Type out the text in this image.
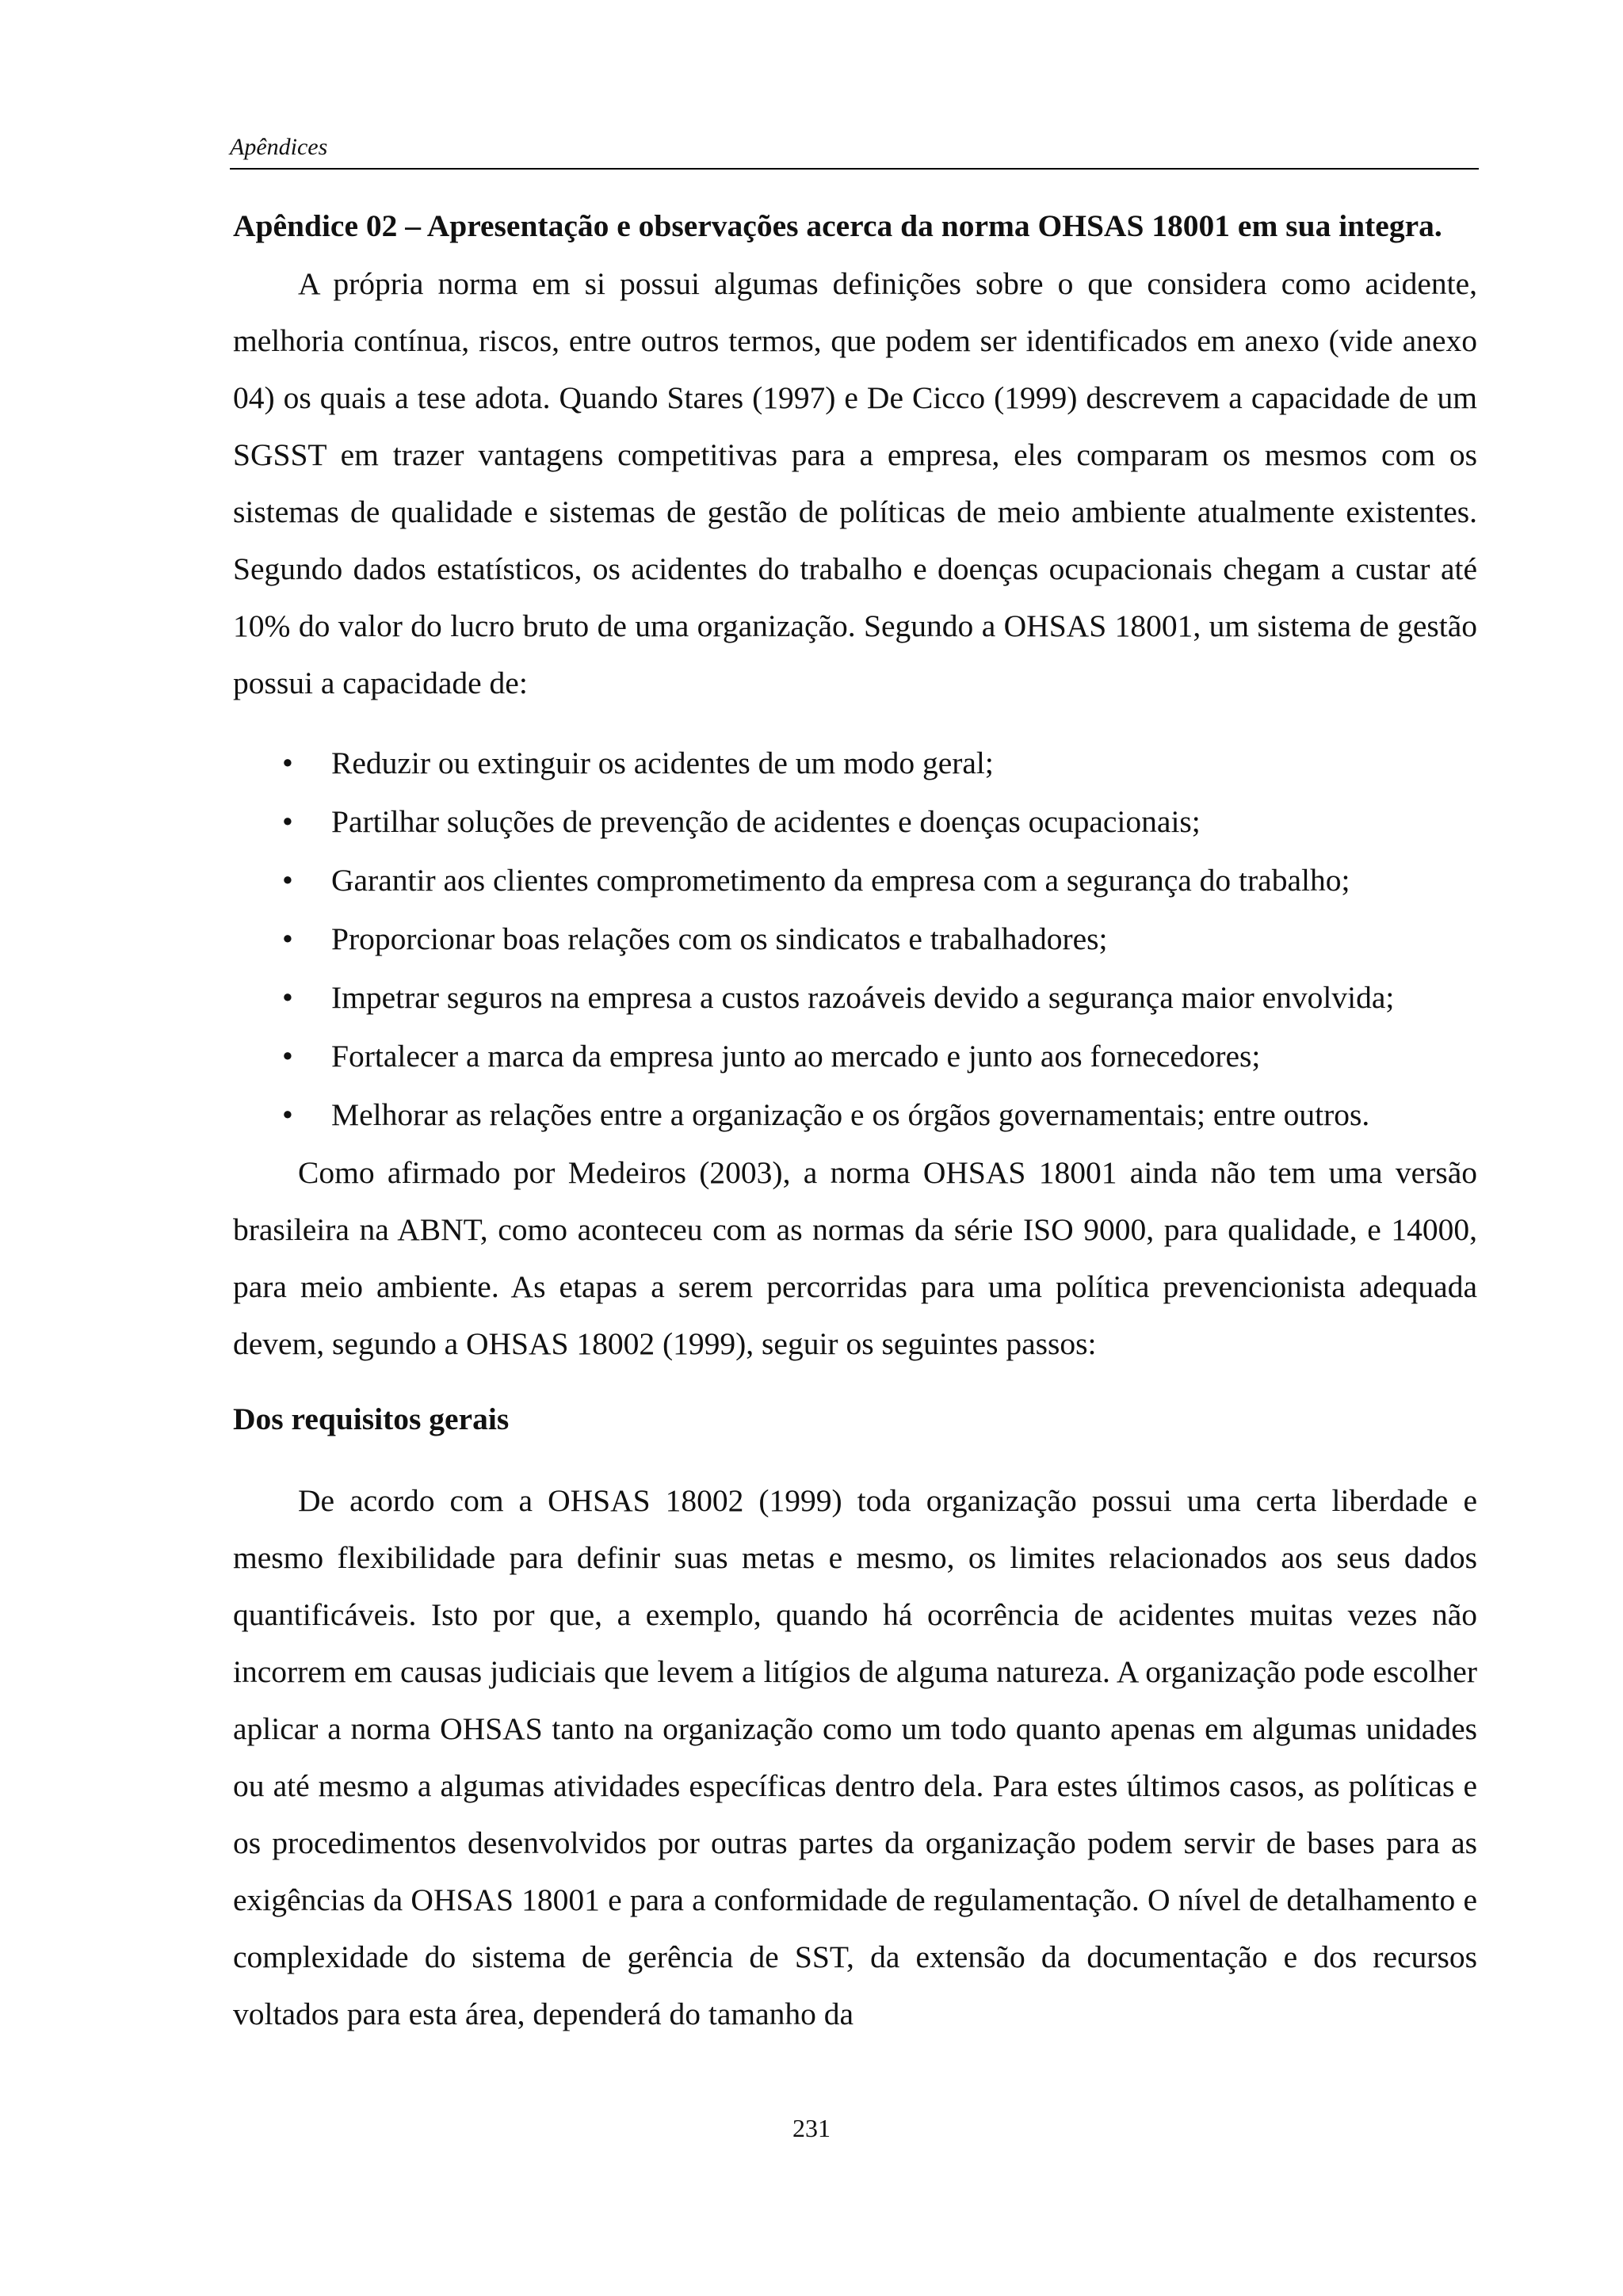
Apêndices

Apêndice 02 – Apresentação e observações acerca da norma OHSAS 18001 em sua integra.

A própria norma em si possui algumas definições sobre o que considera como acidente, melhoria contínua, riscos, entre outros termos, que podem ser identificados em anexo (vide anexo 04) os quais a tese adota. Quando Stares (1997) e De Cicco (1999) descrevem a capacidade de um SGSST em trazer vantagens competitivas para a empresa, eles comparam os mesmos com os sistemas de qualidade e sistemas de gestão de políticas de meio ambiente atualmente existentes. Segundo dados estatísticos, os acidentes do trabalho e doenças ocupacionais chegam a custar até 10% do valor do lucro bruto de uma organização. Segundo a OHSAS 18001, um sistema de gestão possui a capacidade de:

• Reduzir ou extinguir os acidentes de um modo geral;
• Partilhar soluções de prevenção de acidentes e doenças ocupacionais;
• Garantir aos clientes comprometimento da empresa com a segurança do trabalho;
• Proporcionar boas relações com os sindicatos e trabalhadores;
• Impetrar seguros na empresa a custos razoáveis devido a segurança maior envolvida;
• Fortalecer a marca da empresa junto ao mercado e junto aos fornecedores;
• Melhorar as relações entre a organização e os órgãos governamentais; entre outros.

Como afirmado por Medeiros (2003), a norma OHSAS 18001 ainda não tem uma versão brasileira na ABNT, como aconteceu com as normas da série ISO 9000, para qualidade, e 14000, para meio ambiente. As etapas a serem percorridas para uma política prevencionista adequada devem, segundo a OHSAS 18002 (1999), seguir os seguintes passos:

Dos requisitos gerais

De acordo com a OHSAS 18002 (1999) toda organização possui uma certa liberdade e mesmo flexibilidade para definir suas metas e mesmo, os limites relacionados aos seus dados quantificáveis. Isto por que, a exemplo, quando há ocorrência de acidentes muitas vezes não incorrem em causas judiciais que levem a litígios de alguma natureza. A organização pode escolher aplicar a norma OHSAS tanto na organização como um todo quanto apenas em algumas unidades ou até mesmo a algumas atividades específicas dentro dela. Para estes últimos casos, as políticas e os procedimentos desenvolvidos por outras partes da organização podem servir de bases para as exigências da OHSAS 18001 e para a conformidade de regulamentação. O nível de detalhamento e complexidade do sistema de gerência de SST, da extensão da documentação e dos recursos voltados para esta área, dependerá do tamanho da

231
